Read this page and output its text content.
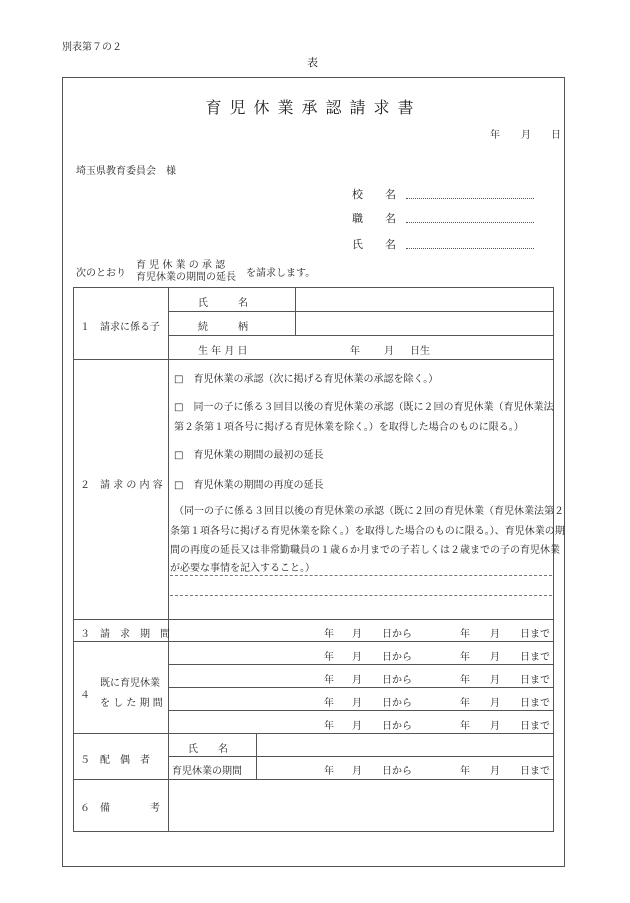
別表第７の２
表
育児休業承認請求書
年 月 日
埼玉県教育委員会　様
校　　名
職　　名
氏　　名
次のとおり
育 児 休 業 の 承 認
育児休業の期間の延長 を請求します。
１　請求に係る子
氏　　　名
続　　　柄
生 年 月 日	年 月 日生
２　請 求 の 内 容
□　育児休業の承認（次に掲げる育児休業の承認を除く。）
□　同一の子に係る３回目以後の育児休業の承認（既に２回の育児休業（育児休業法
第２条第１項各号に掲げる育児休業を除く。）を取得した場合のものに限る。）
□　育児休業の期間の最初の延長
□　育児休業の期間の再度の延長
（同一の子に係る３回目以後の育児休業の承認（既に２回の育児休業（育児休業法第２
条第１項各号に掲げる育児休業を除く。）を取得した場合のものに限る。）、育児休業の期
間の再度の延長又は非常勤職員の１歳６か月までの子若しくは２歳までの子の育児休業
が必要な事情を記入すること。）
３　請　求　期　間	年 月 日から	年 月 日まで
４
既に育児休業
を し た 期 間
年 月 日から	年 月 日まで
年 月 日から	年 月 日まで
年 月 日から	年 月 日まで
年 月 日から	年 月 日まで
５　配　偶　者
氏　　名
育児休業の期間	年 月 日から	年 月 日まで
６　備　　　　考
